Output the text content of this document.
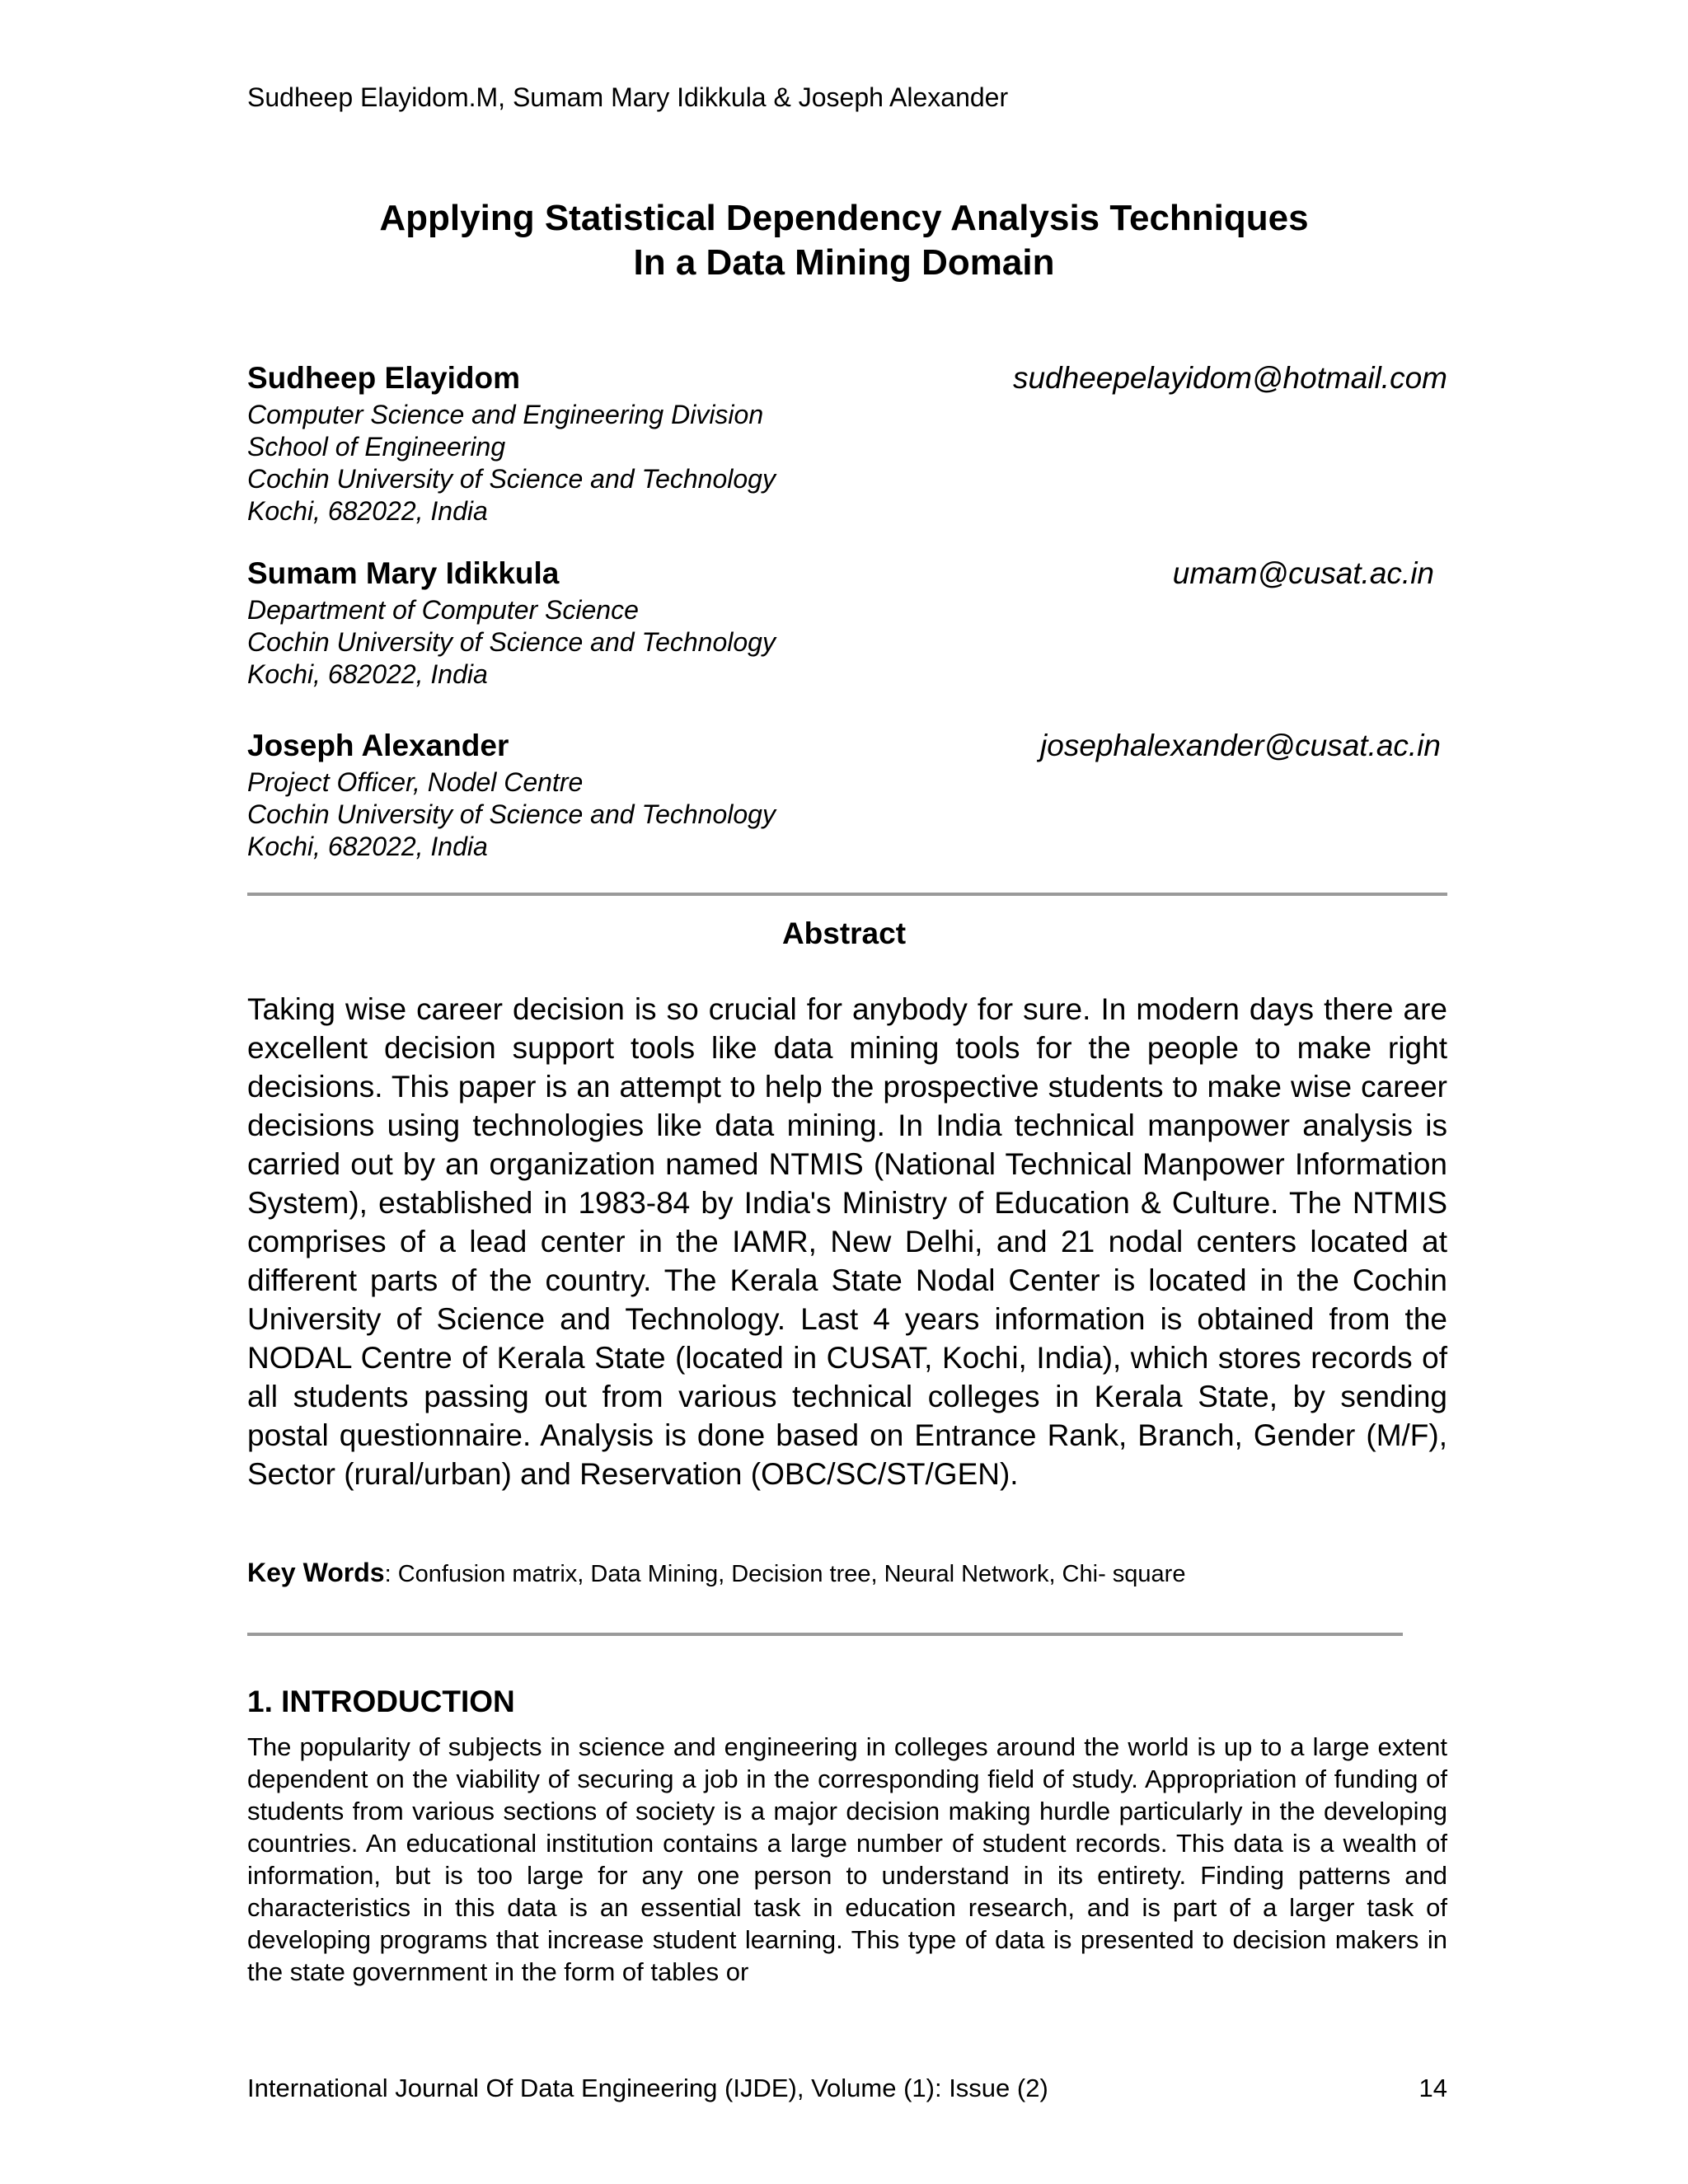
Sudheep Elayidom.M, Sumam Mary Idikkula & Joseph Alexander
Applying Statistical Dependency Analysis Techniques
In a Data Mining Domain
Sudheep Elayidom	sudheepelayidom@hotmail.com
Computer Science and Engineering Division
School of Engineering
Cochin University of Science and Technology
Kochi, 682022, India
Sumam Mary Idikkula	umam@cusat.ac.in
Department of Computer Science
Cochin University of Science and Technology
Kochi, 682022, India
Joseph Alexander	josephalexander@cusat.ac.in
Project Officer, Nodel Centre
Cochin University of Science and Technology
Kochi, 682022, India
Abstract
Taking wise career decision is so crucial for anybody for sure. In modern days there are excellent decision support tools like data mining tools for the people to make right decisions. This paper is an attempt to help the prospective students to make wise career decisions using technologies like data mining. In India technical manpower analysis is carried out by an organization named NTMIS (National Technical Manpower Information System), established in 1983-84 by India's Ministry of Education & Culture. The NTMIS comprises of a lead center in the IAMR, New Delhi, and 21 nodal centers located at different parts of the country. The Kerala State Nodal Center is located in the Cochin University of Science and Technology. Last 4 years information is obtained from the NODAL Centre of Kerala State (located in CUSAT, Kochi, India), which stores records of all students passing out from various technical colleges in Kerala State, by sending postal questionnaire. Analysis is done based on Entrance Rank, Branch, Gender (M/F), Sector (rural/urban) and Reservation (OBC/SC/ST/GEN).
Key Words: Confusion matrix, Data Mining, Decision tree, Neural Network, Chi- square
1. INTRODUCTION
The popularity of subjects in science and engineering in colleges around the world is up to a large extent dependent on the viability of securing a job in the corresponding field of study. Appropriation of funding of students from various sections of society is a major decision making hurdle particularly in the developing countries. An educational institution contains a large number of student records. This data is a wealth of information, but is too large for any one person to understand in its entirety. Finding patterns and characteristics in this data is an essential task in education research, and is part of a larger task of developing programs that increase student learning. This type of data is presented to decision makers in the state government in the form of tables or
International Journal Of Data Engineering (IJDE), Volume (1): Issue (2)	14
